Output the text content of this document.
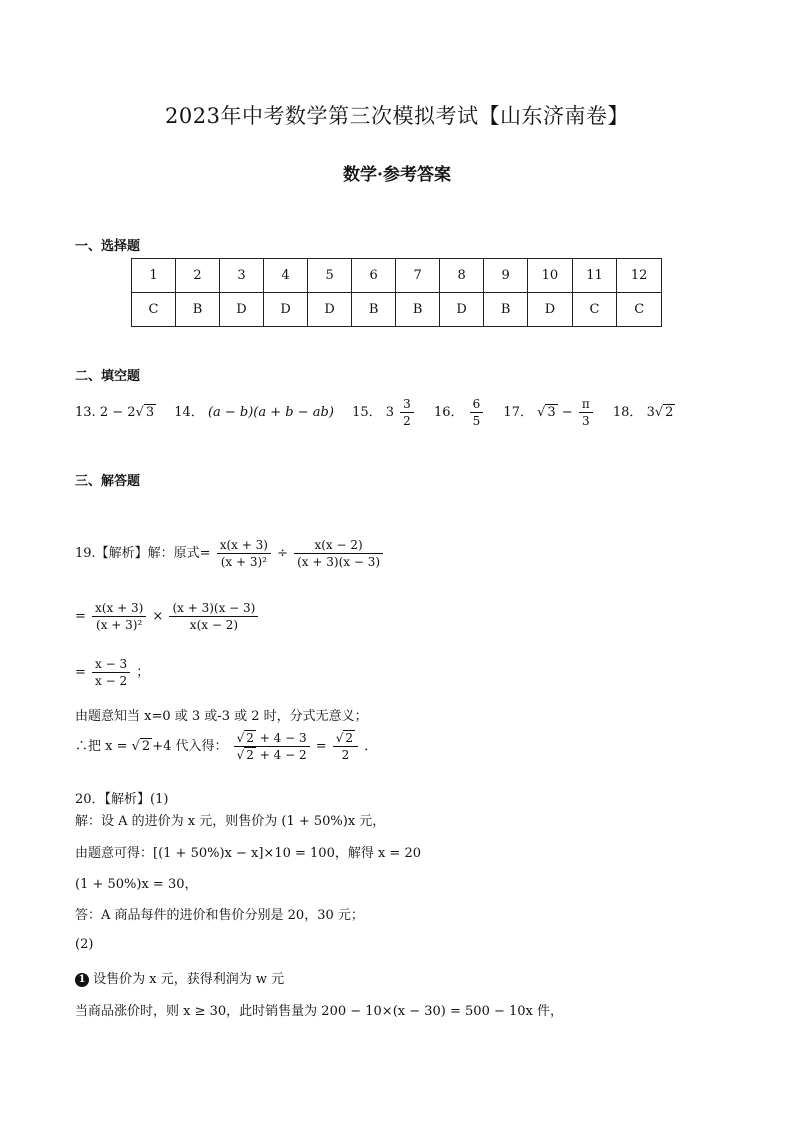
2023年中考数学第三次模拟考试【山东济南卷】
数学·参考答案
一、选择题
1	2	3	4	5	6	7	8	9	10	11	12
C	B	D	D	D	B	B	D	B	D	C	C
二、填空题
13. 2 − 2√ 3 14． (a − b)(a + b − ab) 15． $3 \frac{3}{2} 16$． $\frac{6}{5} 17$． √ $3 - \frac{\pi}{3} 18$． 3√ 2
三、解答题
19.【解析】解：原式= $\frac{x(x + 3)}{\text{(x + 3)²}} \div \frac{x(x - 2)}{(x + 3)(x - 3)}$
= $\frac{x(x + 3)}{\text{(x + 3)²}} \times \frac{(x + 3)(x - 3)}{x(x - 2)}$
= $\frac{x - 3}{x - 2}$ ；
由题意知当 x=0 或 3 或-3 或 2 时，分式无意义；
∴把 x = √ 2 +4 代入得： $\frac{√ 2 + 4 - 3}{√ 2 + 4 - 2} = \frac{√ 2}{2}$ ．
20．【解析】(1)
解：设 A 的进价为 x 元，则售价为 (1 + 50%)x 元，
由题意可得：[(1 + 50%)x − x]×10 = 100，解得 x = 20
(1 + 50%)x = 30，
答：A 商品每件的进价和售价分别是 20，30 元；
(2)
1 设售价为 x 元，获得利润为 w 元
当商品涨价时，则 x ≥ 30，此时销售量为 200 − 10×(x − 30) = 500 − 10x 件，
